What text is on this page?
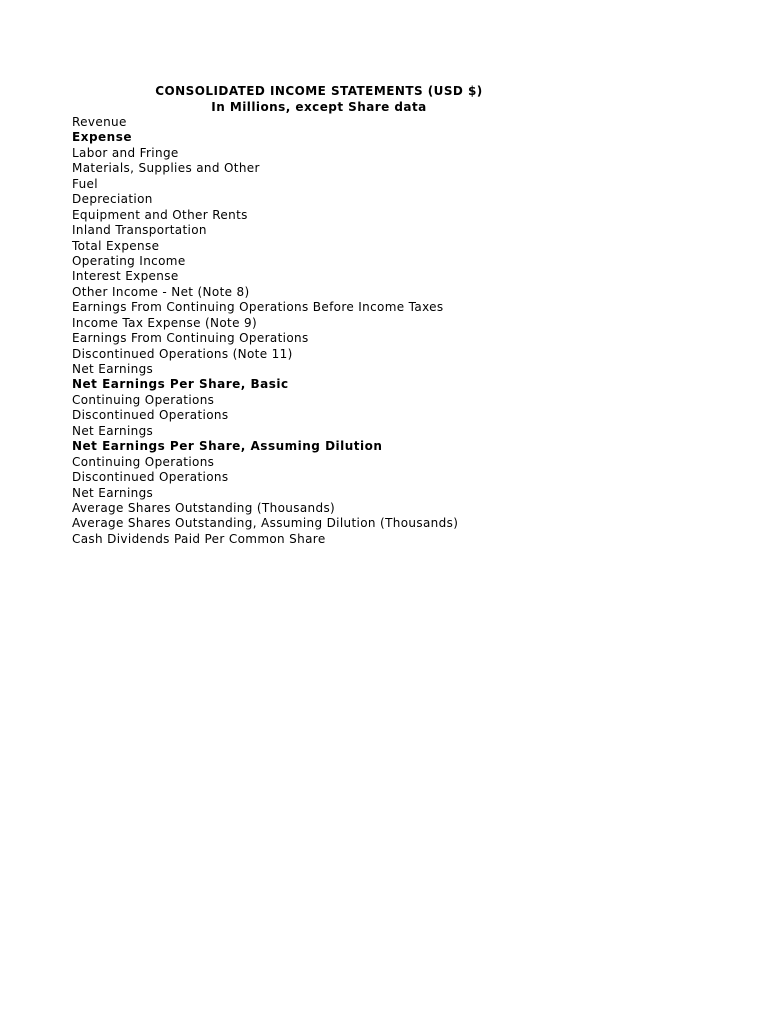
CONSOLIDATED INCOME STATEMENTS (USD $)
In Millions, except Share data
Revenue
Expense
Labor and Fringe
Materials, Supplies and Other
Fuel
Depreciation
Equipment and Other Rents
Inland Transportation
Total Expense
Operating Income
Interest Expense
Other Income - Net (Note 8)
Earnings From Continuing Operations Before Income Taxes
Income Tax Expense (Note 9)
Earnings From Continuing Operations
Discontinued Operations (Note 11)
Net Earnings
Net Earnings Per Share, Basic
Continuing Operations
Discontinued Operations
Net Earnings
Net Earnings Per Share, Assuming Dilution
Continuing Operations
Discontinued Operations
Net Earnings
Average Shares Outstanding (Thousands)
Average Shares Outstanding, Assuming Dilution (Thousands)
Cash Dividends Paid Per Common Share
